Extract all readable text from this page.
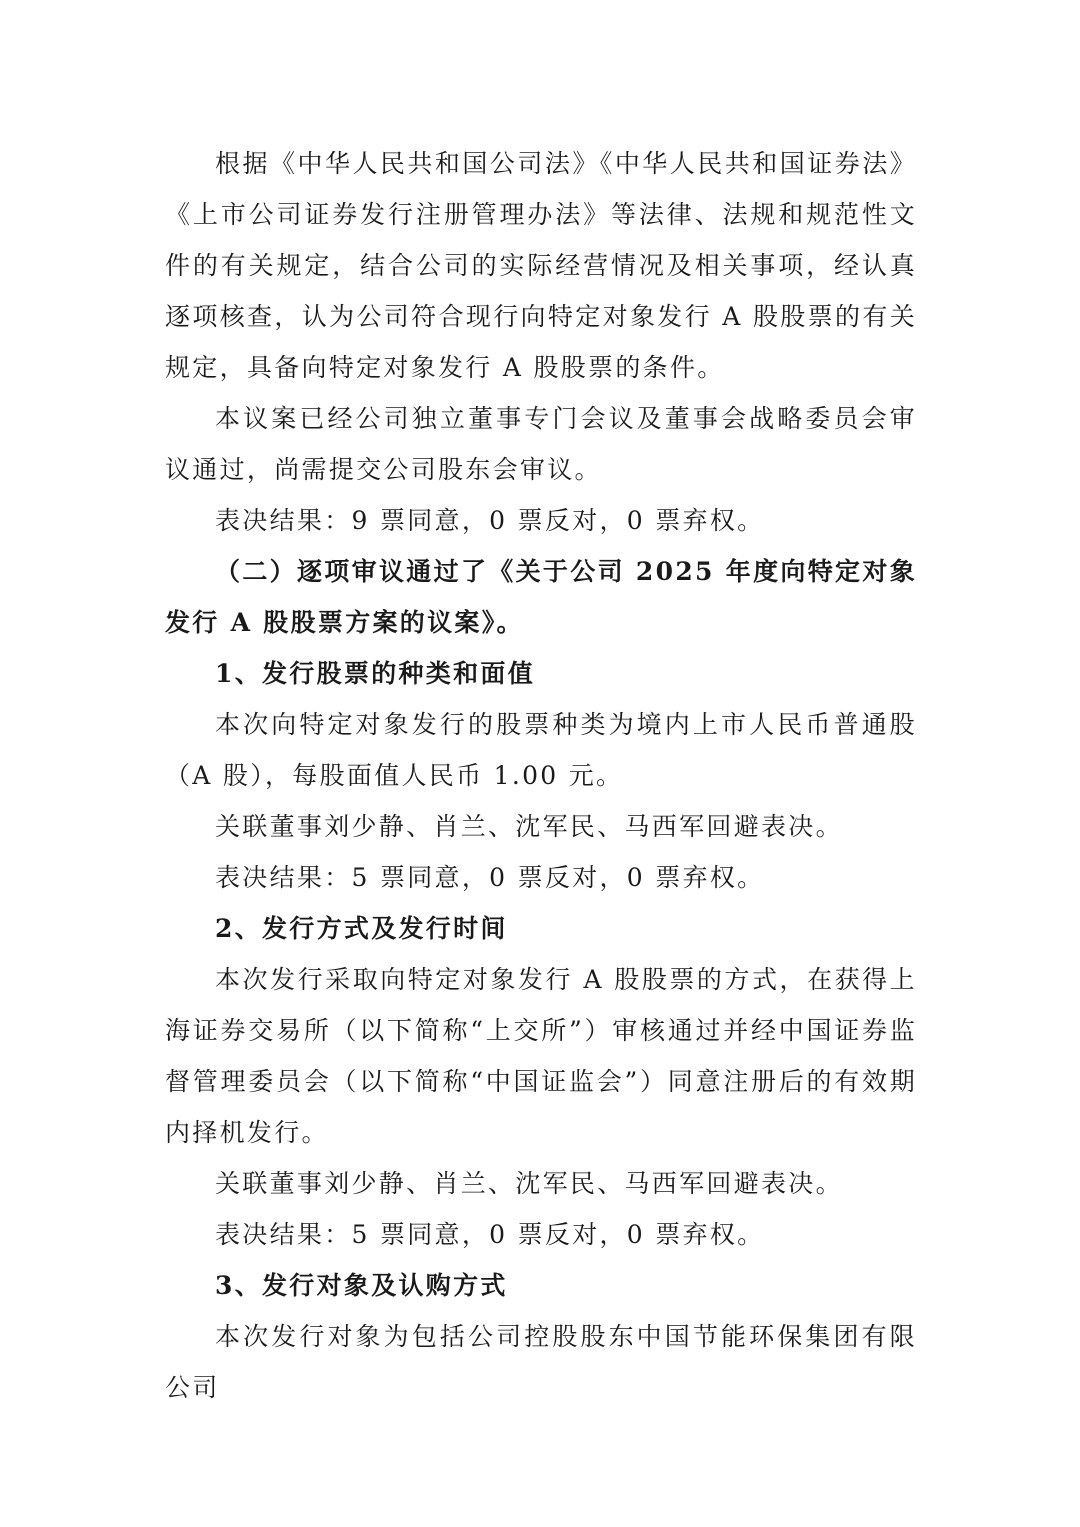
根据《中华人民共和国公司法》《中华人民共和国证券法》《上市公司证券发行注册管理办法》等法律、法规和规范性文件的有关规定，结合公司的实际经营情况及相关事项，经认真逐项核查，认为公司符合现行向特定对象发行 A 股股票的有关规定，具备向特定对象发行 A 股股票的条件。

本议案已经公司独立董事专门会议及董事会战略委员会审议通过，尚需提交公司股东会审议。

表决结果：9 票同意，0 票反对，0 票弃权。

（二）逐项审议通过了《关于公司 2025 年度向特定对象发行 A 股股票方案的议案》。

1、发行股票的种类和面值

本次向特定对象发行的股票种类为境内上市人民币普通股（A 股），每股面值人民币 1.00 元。

关联董事刘少静、肖兰、沈军民、马西军回避表决。

表决结果：5 票同意，0 票反对，0 票弃权。

2、发行方式及发行时间

本次发行采取向特定对象发行 A 股股票的方式，在获得上海证券交易所（以下简称“上交所”）审核通过并经中国证券监督管理委员会（以下简称“中国证监会”）同意注册后的有效期内择机发行。

关联董事刘少静、肖兰、沈军民、马西军回避表决。

表决结果：5 票同意，0 票反对，0 票弃权。

3、发行对象及认购方式

本次发行对象为包括公司控股股东中国节能环保集团有限公司
